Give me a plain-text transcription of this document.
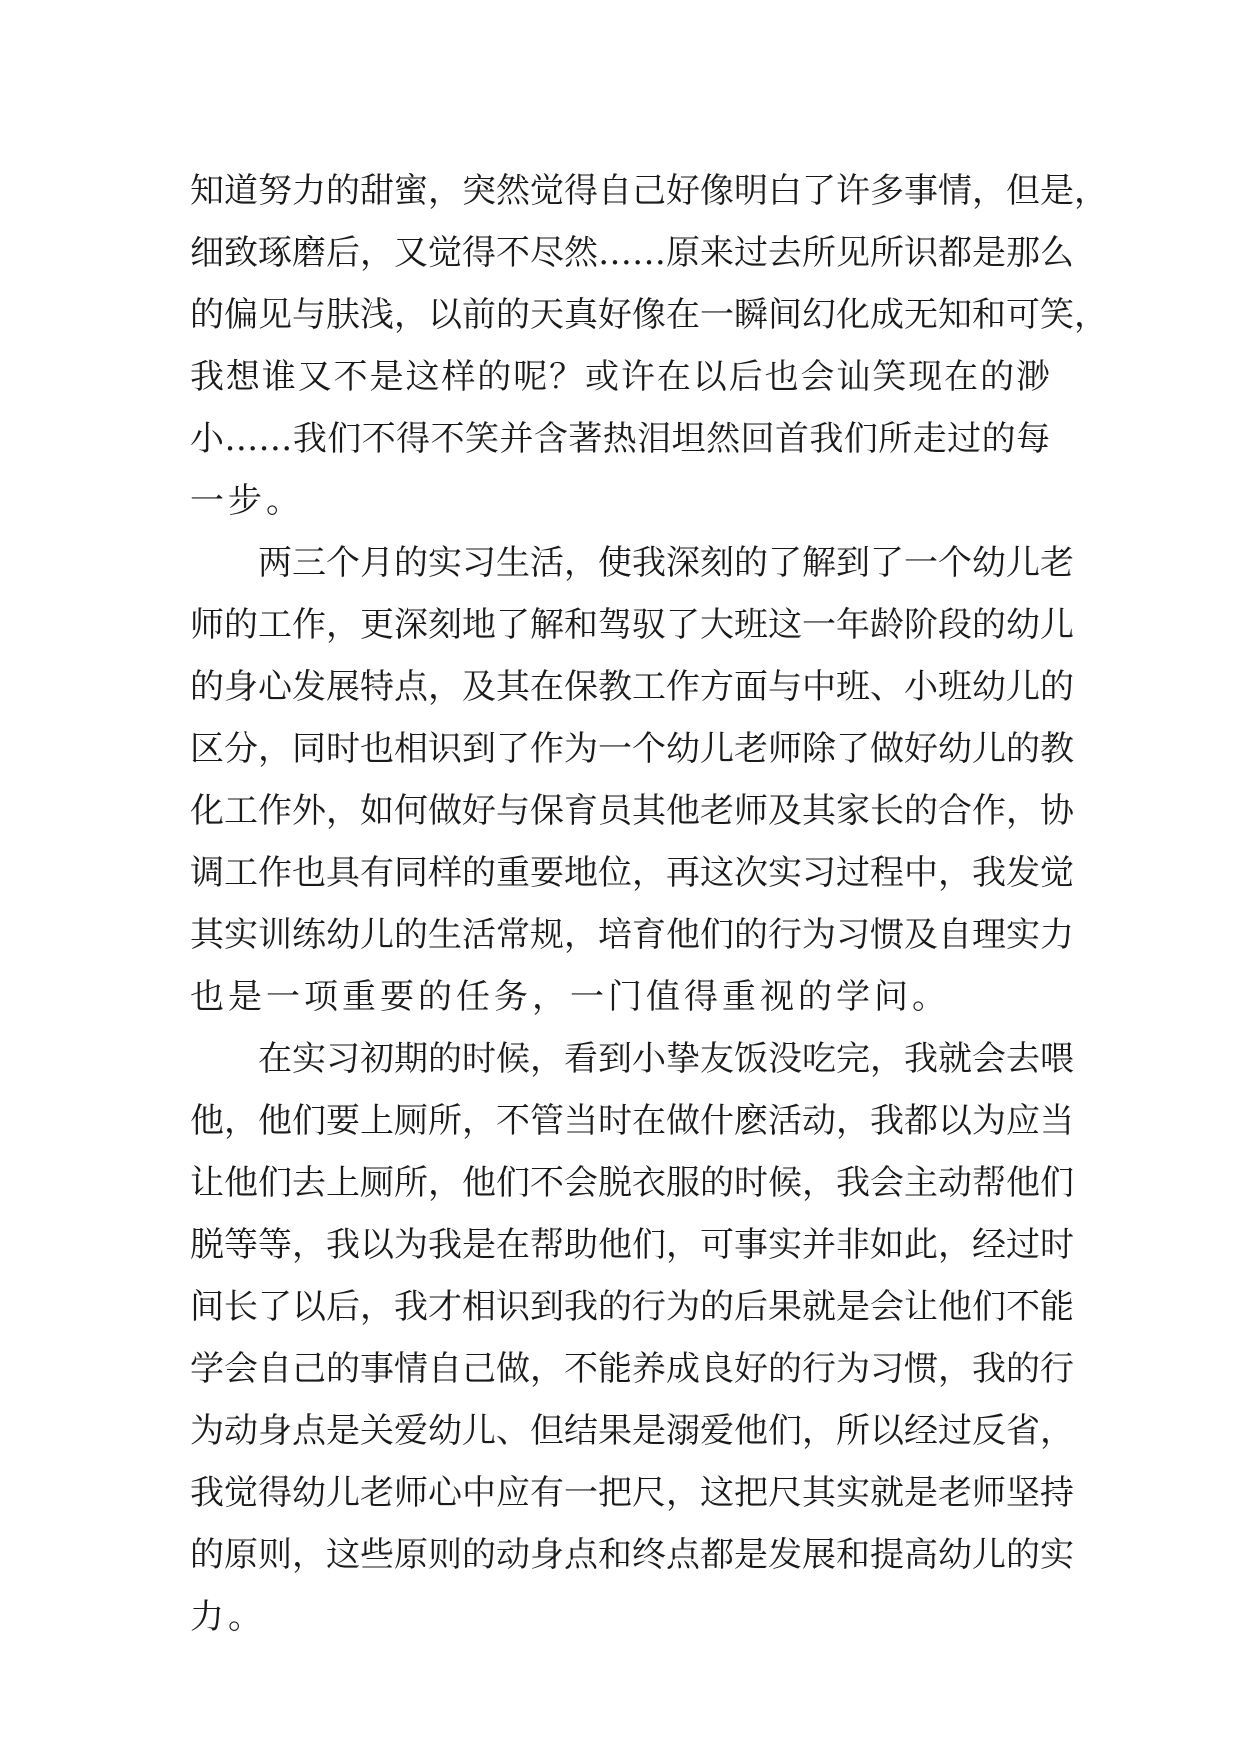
知道努力的甜蜜，突然觉得自己好像明白了许多事情，但是，
细致琢磨后，又觉得不尽然……原来过去所见所识都是那么
的偏见与肤浅，以前的天真好像在一瞬间幻化成无知和可笑，
我想谁又不是这样的呢？或许在以后也会讪笑现在的渺
小……我们不得不笑并含著热泪坦然回首我们所走过的每
一步。
　　两三个月的实习生活，使我深刻的了解到了一个幼儿老
师的工作，更深刻地了解和驾驭了大班这一年龄阶段的幼儿
的身心发展特点，及其在保教工作方面与中班、小班幼儿的
区分，同时也相识到了作为一个幼儿老师除了做好幼儿的教
化工作外，如何做好与保育员其他老师及其家长的合作，协
调工作也具有同样的重要地位，再这次实习过程中，我发觉
其实训练幼儿的生活常规，培育他们的行为习惯及自理实力
也是一项重要的任务，一门值得重视的学问。
　　在实习初期的时候，看到小挚友饭没吃完，我就会去喂
他，他们要上厕所，不管当时在做什麽活动，我都以为应当
让他们去上厕所，他们不会脱衣服的时候，我会主动帮他们
脱等等，我以为我是在帮助他们，可事实并非如此，经过时
间长了以后，我才相识到我的行为的后果就是会让他们不能
学会自己的事情自己做，不能养成良好的行为习惯，我的行
为动身点是关爱幼儿、但结果是溺爱他们，所以经过反省，
我觉得幼儿老师心中应有一把尺，这把尺其实就是老师坚持
的原则，这些原则的动身点和终点都是发展和提高幼儿的实
力。
